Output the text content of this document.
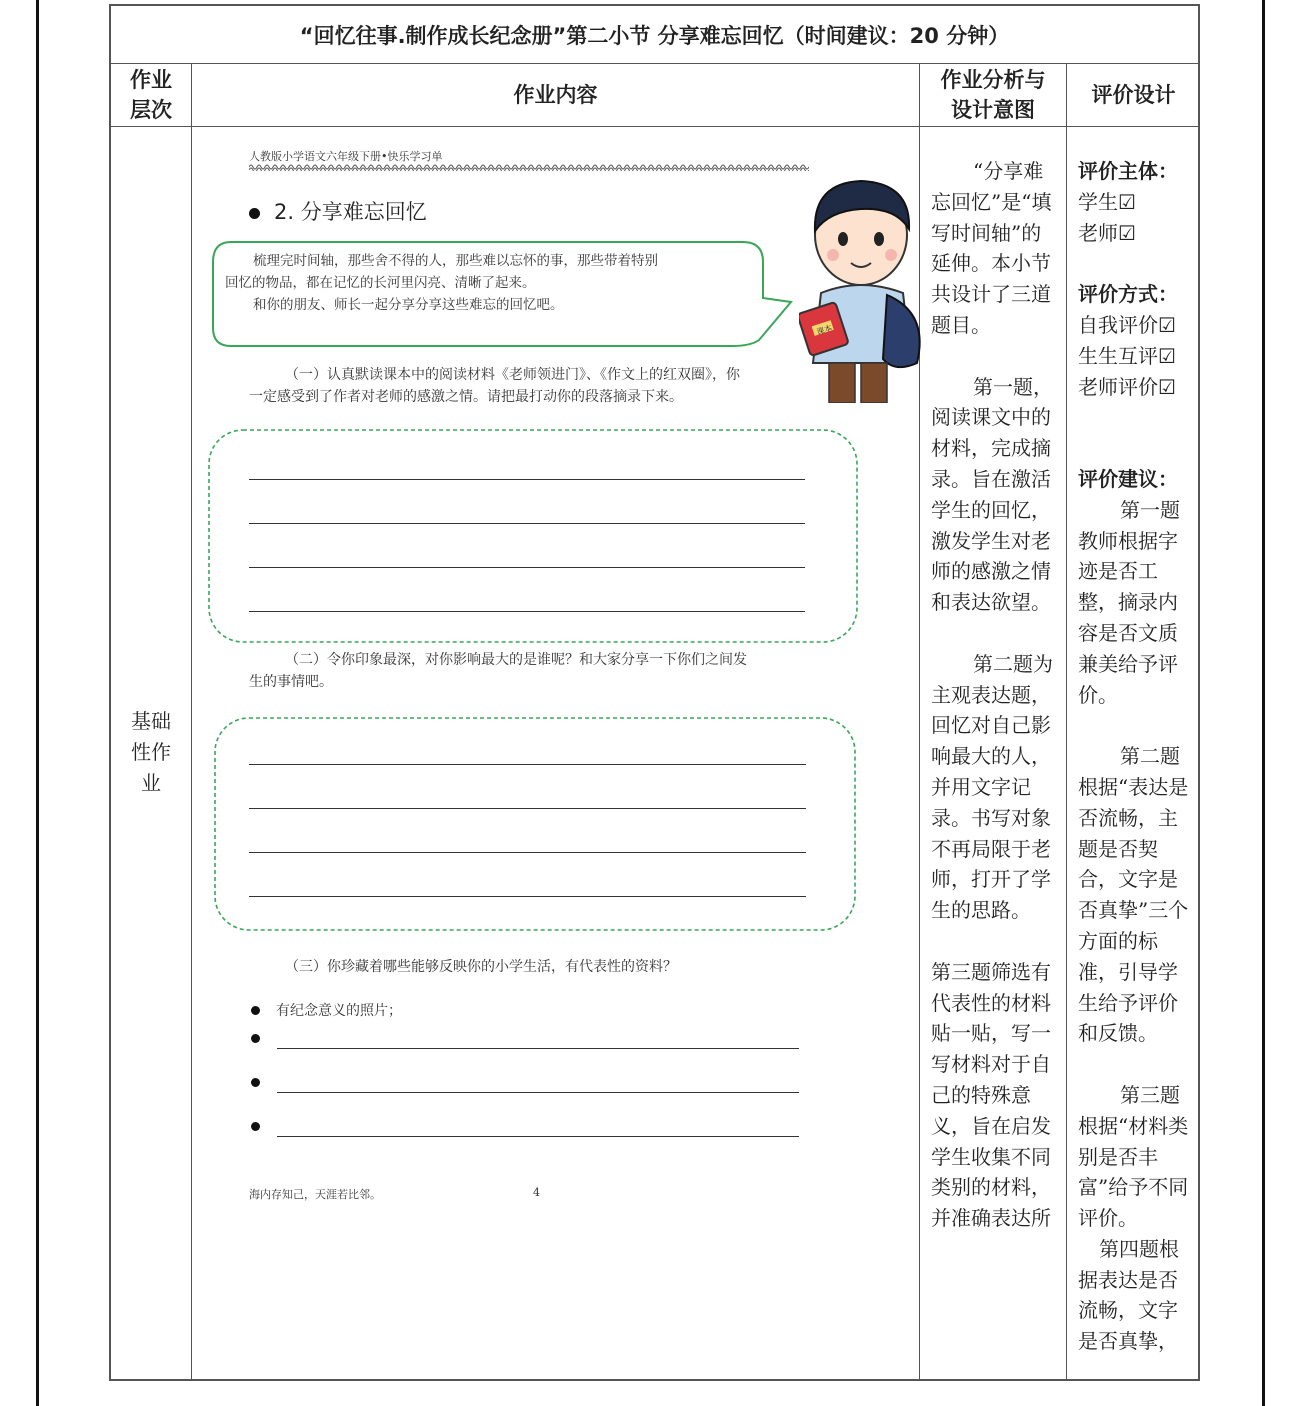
“回忆往事.制作成长纪念册”第二小节 分享难忘回忆（时间建议：20 分钟）
作业
层次
作业内容
作业分析与
设计意图
评价设计
基础性作业
人教版小学语文六年级下册•快乐学习单
2. 分享难忘回忆

梳理完时间轴，那些舍不得的人，那些难以忘怀的事，那些带着特别

回忆的物品，都在记忆的长河里闪亮、清晰了起来。

和你的朋友、师长一起分享分享这些难忘的回忆吧。

课本
（一）认真默读课本中的阅读材料《老师领进门》、《作文上的红双圈》，你
一定感受到了作者对老师的感激之情。请把最打动你的段落摘录下来。
（二）令你印象最深，对你影响最大的是谁呢？和大家分享一下你们之间发
生的事情吧。
（三）你珍藏着哪些能够反映你的小学生活，有代表性的资料？
有纪念意义的照片；
海内存知己，天涯若比邻。	4

“分享难忘回忆”是“填写时间轴”的延伸。本小节共设计了三道题目。

第一题，阅读课文中的材料，完成摘录。旨在激活学生的回忆，激发学生对老师的感激之情和表达欲望。

第二题为主观表达题，回忆对自己影响最大的人，并用文字记录。书写对象不再局限于老师，打开了学生的思路。

第三题筛选有代表性的材料贴一贴，写一写材料对于自己的特殊意义，旨在启发学生收集不同类别的材料，并准确表达所

评价主体：

学生☑

老师☑

评价方式：

自我评价☑

生生互评☑

老师评价☑

评价建议：

第一题教师根据字迹是否工整，摘录内容是否文质兼美给予评价。

第二题根据“表达是否流畅，主题是否契合，文字是否真挚”三个方面的标准，引导学生给予评价和反馈。

第三题根据“材料类别是否丰富”给予不同评价。

第四题根据表达是否流畅，文字是否真挚，
